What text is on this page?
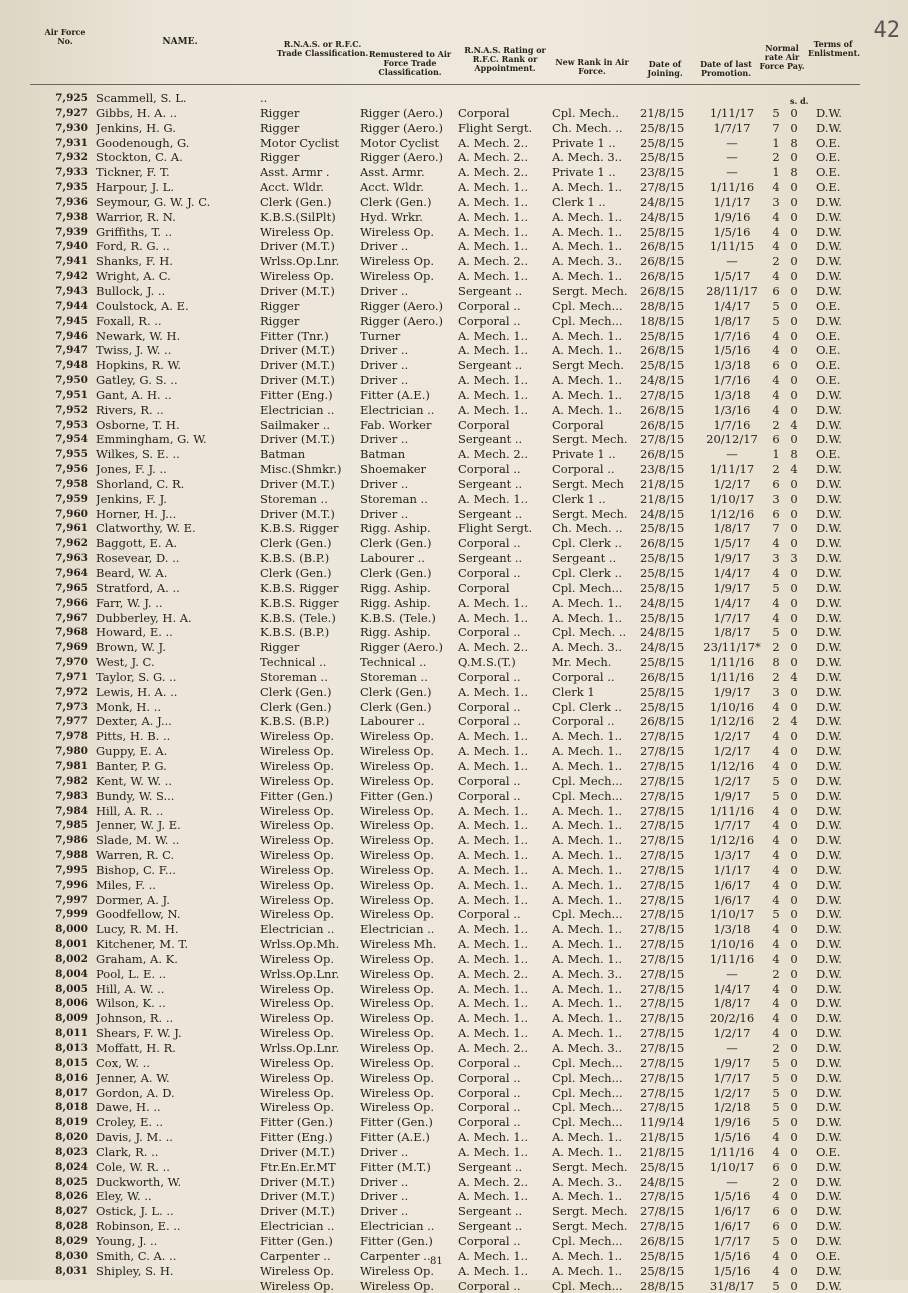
42
Air Force No.	NAME.	R.N.A.S. or R.F.C. Trade Classification. Remustered to Air Force Trade Classification.
R.N.A.S. Rating or R.F.C. Rank or Appointment.
New Rank in Air Force.
Date of Joining.
Date of last Promotion.
Normal rate Air Force Pay.
Terms of Enlistment.
s. d.
7,925 Scammell, S. L.	..
7,927 Gibbs, H. A. ..	Rigger	Rigger (Aero.)	Corporal	Cpl. Mech..	21/8/15	1/11/17	5 0 D.W.
7,930 Jenkins, H. G.	Rigger	Rigger (Aero.)	Flight Sergt.	Ch. Mech. ..	25/8/15	1/7/17	7 0 D.W.
7,931 Goodenough, G.	Motor Cyclist	Motor Cyclist	A. Mech. 2..	Private 1 ..	25/8/15	—	1 8 O.E.
7,932 Stockton, C. A.	Rigger	Rigger (Aero.)	A. Mech. 2..	A. Mech. 3..	25/8/15	—	2 0 O.E.
7,933 Tickner, F. T.	Asst. Armr .	Asst. Armr.	A. Mech. 2..	Private 1 ..	23/8/15	—	1 8 O.E.
7,935 Harpour, J. L.	Acct. Wldr.	Acct. Wldr.	A. Mech. 1..	A. Mech. 1..	27/8/15	1/11/16	4 0 O.E.
7,936 Seymour, G. W. J. C.	Clerk (Gen.)	Clerk (Gen.)	A. Mech. 1..	Clerk 1 ..	24/8/15	1/1/17	3 0 D.W.
7,938 Warrior, R. N.	K.B.S.(SilPlt)	Hyd. Wrkr.	A. Mech. 1..	A. Mech. 1..	24/8/15	1/9/16	4 0 D.W.
7,939 Griffiths, T. ..	Wireless Op.	Wireless Op.	A. Mech. 1..	A. Mech. 1..	25/8/15	1/5/16	4 0 D.W.
7,940 Ford, R. G. ..	Driver (M.T.)	Driver ..	A. Mech. 1..	A. Mech. 1..	26/8/15	1/11/15	4 0 D.W.
7,941 Shanks, F. H.	Wrlss.Op.Lnr.	Wireless Op.	A. Mech. 2..	A. Mech. 3..	26/8/15	—	2 0 D.W.
7,942 Wright, A. C.	Wireless Op.	Wireless Op.	A. Mech. 1..	A. Mech. 1..	26/8/15	1/5/17	4 0 D.W.
7,943 Bullock, J. ..	Driver (M.T.)	Driver ..	Sergeant ..	Sergt. Mech.	26/8/15	28/11/17	6 0 D.W.
7,944 Coulstock, A. E.	Rigger	Rigger (Aero.)	Corporal ..	Cpl. Mech...	28/8/15	1/4/17	5 0 O.E.
7,945 Foxall, R. ..	Rigger	Rigger (Aero.)	Corporal ..	Cpl. Mech...	18/8/15	1/8/17	5 0 D.W.
7,946 Newark, W. H.	Fitter (Tnr.)	Turner	A. Mech. 1..	A. Mech. 1..	25/8/15	1/7/16	4 0 O.E.
7,947 Twiss, J. W. ..	Driver (M.T.)	Driver ..	A. Mech. 1..	A. Mech. 1..	26/8/15	1/5/16	4 0 O.E.
7,948 Hopkins, R. W.	Driver (M.T.)	Driver ..	Sergeant ..	Sergt Mech.	25/8/15	1/3/18	6 0 O.E.
7,950 Gatley, G. S. ..	Driver (M.T.)	Driver ..	A. Mech. 1..	A. Mech. 1..	24/8/15	1/7/16	4 0 O.E.
7,951 Gant, A. H. ..	Fitter (Eng.)	Fitter (A.E.)	A. Mech. 1..	A. Mech. 1..	27/8/15	1/3/18	4 0 D.W.
7,952 Rivers, R. ..	Electrician ..	Electrician ..	A. Mech. 1..	A. Mech. 1..	26/8/15	1/3/16	4 0 D.W.
7,953 Osborne, T. H.	Sailmaker ..	Fab. Worker	Corporal	Corporal	26/8/15	1/7/16	2 4 D.W.
7,954 Emmingham, G. W.	Driver (M.T.)	Driver ..	Sergeant ..	Sergt. Mech.	27/8/15	20/12/17	6 0 D.W.
7,955 Wilkes, S. E. ..	Batman	Batman	A. Mech. 2..	Private 1 ..	26/8/15	—	1 8 O.E.
7,956 Jones, F. J. ..	Misc.(Shmkr.)	Shoemaker	Corporal ..	Corporal ..	23/8/15	1/11/17	2 4 D.W.
7,958 Shorland, C. R.	Driver (M.T.)	Driver ..	Sergeant ..	Sergt. Mech	21/8/15	1/2/17	6 0 D.W.
7,959 Jenkins, F. J.	Storeman ..	Storeman ..	A. Mech. 1..	Clerk 1 ..	21/8/15	1/10/17	3 0 D.W.
7,960 Horner, H. J...	Driver (M.T.)	Driver ..	Sergeant ..	Sergt. Mech.	24/8/15	1/12/16	6 0 D.W.
7,961 Clatworthy, W. E.	K.B.S. Rigger	Rigg. Aship.	Flight Sergt.	Ch. Mech. ..	25/8/15	1/8/17	7 0 D.W.
7,962 Baggott, E. A.	Clerk (Gen.)	Clerk (Gen.)	Corporal ..	Cpl. Clerk ..	26/8/15	1/5/17	4 0 D.W.
7,963 Rosevear, D. ..	K.B.S. (B.P.)	Labourer ..	Sergeant ..	Sergeant ..	25/8/15	1/9/17	3 3 D.W.
7,964 Beard, W. A.	Clerk (Gen.)	Clerk (Gen.)	Corporal ..	Cpl. Clerk ..	25/8/15	1/4/17	4 0 D.W.
7,965 Stratford, A. ..	K.B.S. Rigger	Rigg. Aship.	Corporal	Cpl. Mech...	25/8/15	1/9/17	5 0 D.W.
7,966 Farr, W. J. ..	K.B.S. Rigger	Rigg. Aship.	A. Mech. 1..	A. Mech. 1..	24/8/15	1/4/17	4 0 D.W.
7,967 Dubberley, H. A.	K.B.S. (Tele.)	K.B.S. (Tele.)	A. Mech. 1..	A. Mech. 1..	25/8/15	1/7/17	4 0 D.W.
7,968 Howard, E. ..	K.B.S. (B.P.)	Rigg. Aship.	Corporal ..	Cpl. Mech. ..	24/8/15	1/8/17	5 0 D.W.
7,969 Brown, W. J.	Rigger	Rigger (Aero.)	A. Mech. 2..	A. Mech. 3..	24/8/15	23/11/17* 2 0 D.W.
7,970 West, J. C.	Technical ..	Technical ..	Q.M.S.(T.)	Mr. Mech.	25/8/15	1/11/16	8 0 D.W.
7,971 Taylor, S. G. ..	Storeman ..	Storeman ..	Corporal ..	Corporal ..	26/8/15	1/11/16	2 4 D.W.
7,972 Lewis, H. A. ..	Clerk (Gen.)	Clerk (Gen.)	A. Mech. 1..	Clerk 1	25/8/15	1/9/17	3 0 D.W.
7,973 Monk, H. ..	Clerk (Gen.)	Clerk (Gen.)	Corporal ..	Cpl. Clerk ..	25/8/15	1/10/16	4 0 D.W.
7,977 Dexter, A. J...	K.B.S. (B.P.)	Labourer ..	Corporal ..	Corporal ..	26/8/15	1/12/16	2 4 D.W.
7,978 Pitts, H. B. ..	Wireless Op.	Wireless Op.	A. Mech. 1..	A. Mech. 1..	27/8/15	1/2/17	4 0 D.W.
7,980 Guppy, E. A.	Wireless Op.	Wireless Op.	A. Mech. 1..	A. Mech. 1..	27/8/15	1/2/17	4 0 D.W.
7,981 Banter, P. G.	Wireless Op.	Wireless Op.	A. Mech. 1..	A. Mech. 1..	27/8/15	1/12/16	4 0 D.W.
7,982 Kent, W. W. ..	Wireless Op.	Wireless Op.	Corporal ..	Cpl. Mech...	27/8/15	1/2/17	5 0 D.W.
7,983 Bundy, W. S...	Fitter (Gen.)	Fitter (Gen.)	Corporal ..	Cpl. Mech...	27/8/15	1/9/17	5 0 D.W.
7,984 Hill, A. R. ..	Wireless Op.	Wireless Op.	A. Mech. 1..	A. Mech. 1..	27/8/15	1/11/16	4 0 D.W.
7,985 Jenner, W. J. E.	Wireless Op.	Wireless Op.	A. Mech. 1..	A. Mech. 1..	27/8/15	1/7/17	4 0 D.W.
7,986 Slade, M. W. ..	Wireless Op.	Wireless Op.	A. Mech. 1..	A. Mech. 1..	27/8/15	1/12/16	4 0 D.W.
7,988 Warren, R. C.	Wireless Op.	Wireless Op.	A. Mech. 1..	A. Mech. 1..	27/8/15	1/3/17	4 0 D.W.
7,995 Bishop, C. F...	Wireless Op.	Wireless Op.	A. Mech. 1..	A. Mech. 1..	27/8/15	1/1/17	4 0 D.W.
7,996 Miles, F. ..	Wireless Op.	Wireless Op.	A. Mech. 1..	A. Mech. 1..	27/8/15	1/6/17	4 0 D.W.
7,997 Dormer, A. J.	Wireless Op.	Wireless Op.	A. Mech. 1..	A. Mech. 1..	27/8/15	1/6/17	4 0 D.W.
7,999 Goodfellow, N.	Wireless Op.	Wireless Op.	Corporal ..	Cpl. Mech...	27/8/15	1/10/17	5 0 D.W.
8,000 Lucy, R. M. H.	Electrician ..	Electrician ..	A. Mech. 1..	A. Mech. 1..	27/8/15	1/3/18	4 0 D.W.
8,001 Kitchener, M. T.	Wrlss.Op.Mh.	Wireless Mh.	A. Mech. 1..	A. Mech. 1..	27/8/15	1/10/16	4 0 D.W.
8,002 Graham, A. K.	Wireless Op.	Wireless Op.	A. Mech. 1..	A. Mech. 1..	27/8/15	1/11/16	4 0 D.W.
8,004 Pool, L. E. ..	Wrlss.Op.Lnr.	Wireless Op.	A. Mech. 2..	A. Mech. 3..	27/8/15	—	2 0 D.W.
8,005 Hill, A. W. ..	Wireless Op.	Wireless Op.	A. Mech. 1..	A. Mech. 1..	27/8/15	1/4/17	4 0 D.W.
8,006 Wilson, K. ..	Wireless Op.	Wireless Op.	A. Mech. 1..	A. Mech. 1..	27/8/15	1/8/17	4 0 D.W.
8,009 Johnson, R. ..	Wireless Op.	Wireless Op.	A. Mech. 1..	A. Mech. 1..	27/8/15	20/2/16	4 0 D.W.
8,011 Shears, F. W. J.	Wireless Op.	Wireless Op.	A. Mech. 1..	A. Mech. 1..	27/8/15	1/2/17	4 0 D.W.
8,013 Moffatt, H. R.	Wrlss.Op.Lnr.	Wireless Op.	A. Mech. 2..	A. Mech. 3..	27/8/15	—	2 0 D.W.
8,015 Cox, W. ..	Wireless Op.	Wireless Op.	Corporal ..	Cpl. Mech...	27/8/15	1/9/17	5 0 D.W.
8,016 Jenner, A. W.	Wireless Op.	Wireless Op.	Corporal ..	Cpl. Mech...	27/8/15	1/7/17	5 0 D.W.
8,017 Gordon, A. D.	Wireless Op.	Wireless Op.	Corporal ..	Cpl. Mech...	27/8/15	1/2/17	5 0 D.W.
8,018 Dawe, H. ..	Wireless Op.	Wireless Op.	Corporal ..	Cpl. Mech...	27/8/15	1/2/18	5 0 D.W.
8,019 Croley, E. ..	Fitter (Gen.)	Fitter (Gen.)	Corporal ..	Cpl. Mech...	11/9/14	1/9/16	5 0 D.W.
8,020 Davis, J. M. ..	Fitter (Eng.)	Fitter (A.E.)	A. Mech. 1..	A. Mech. 1..	21/8/15	1/5/16	4 0 D.W.
8,023 Clark, R. ..	Driver (M.T.)	Driver ..	A. Mech. 1..	A. Mech. 1..	21/8/15	1/11/16	4 0 O.E.
8,024 Cole, W. R. ..	Ftr.En.Er.MT	Fitter (M.T.)	Sergeant ..	Sergt. Mech.	25/8/15	1/10/17	6 0 D.W.
8,025 Duckworth, W.	Driver (M.T.)	Driver ..	A. Mech. 2..	A. Mech. 3..	24/8/15	—	2 0 D.W.
8,026 Eley, W. ..	Driver (M.T.)	Driver ..	A. Mech. 1..	A. Mech. 1..	27/8/15	1/5/16	4 0 D.W.
8,027 Ostick, J. L. ..	Driver (M.T.)	Driver ..	Sergeant ..	Sergt. Mech.	27/8/15	1/6/17	6 0 D.W.
8,028 Robinson, E. ..	Electrician ..	Electrician ..	Sergeant ..	Sergt. Mech.	27/8/15	1/6/17	6 0 D.W.
8,029 Young, J. ..	Fitter (Gen.)	Fitter (Gen.)	Corporal ..	Cpl. Mech...	26/8/15	1/7/17	5 0 D.W.
8,030 Smith, C. A. ..	Carpenter ..	Carpenter ..	A. Mech. 1..	A. Mech. 1..	25/8/15	1/5/16	4 0 O.E.
8,031 Shipley, S. H.	Wireless Op.	Wireless Op.	A. Mech. 1..	A. Mech. 1..	25/8/15	1/5/16	4 0 D.W.
Wireless Op.	Wireless Op.	Corporal ..	Cpl. Mech...	28/8/15	31/8/17	5 0 D.W.
81
